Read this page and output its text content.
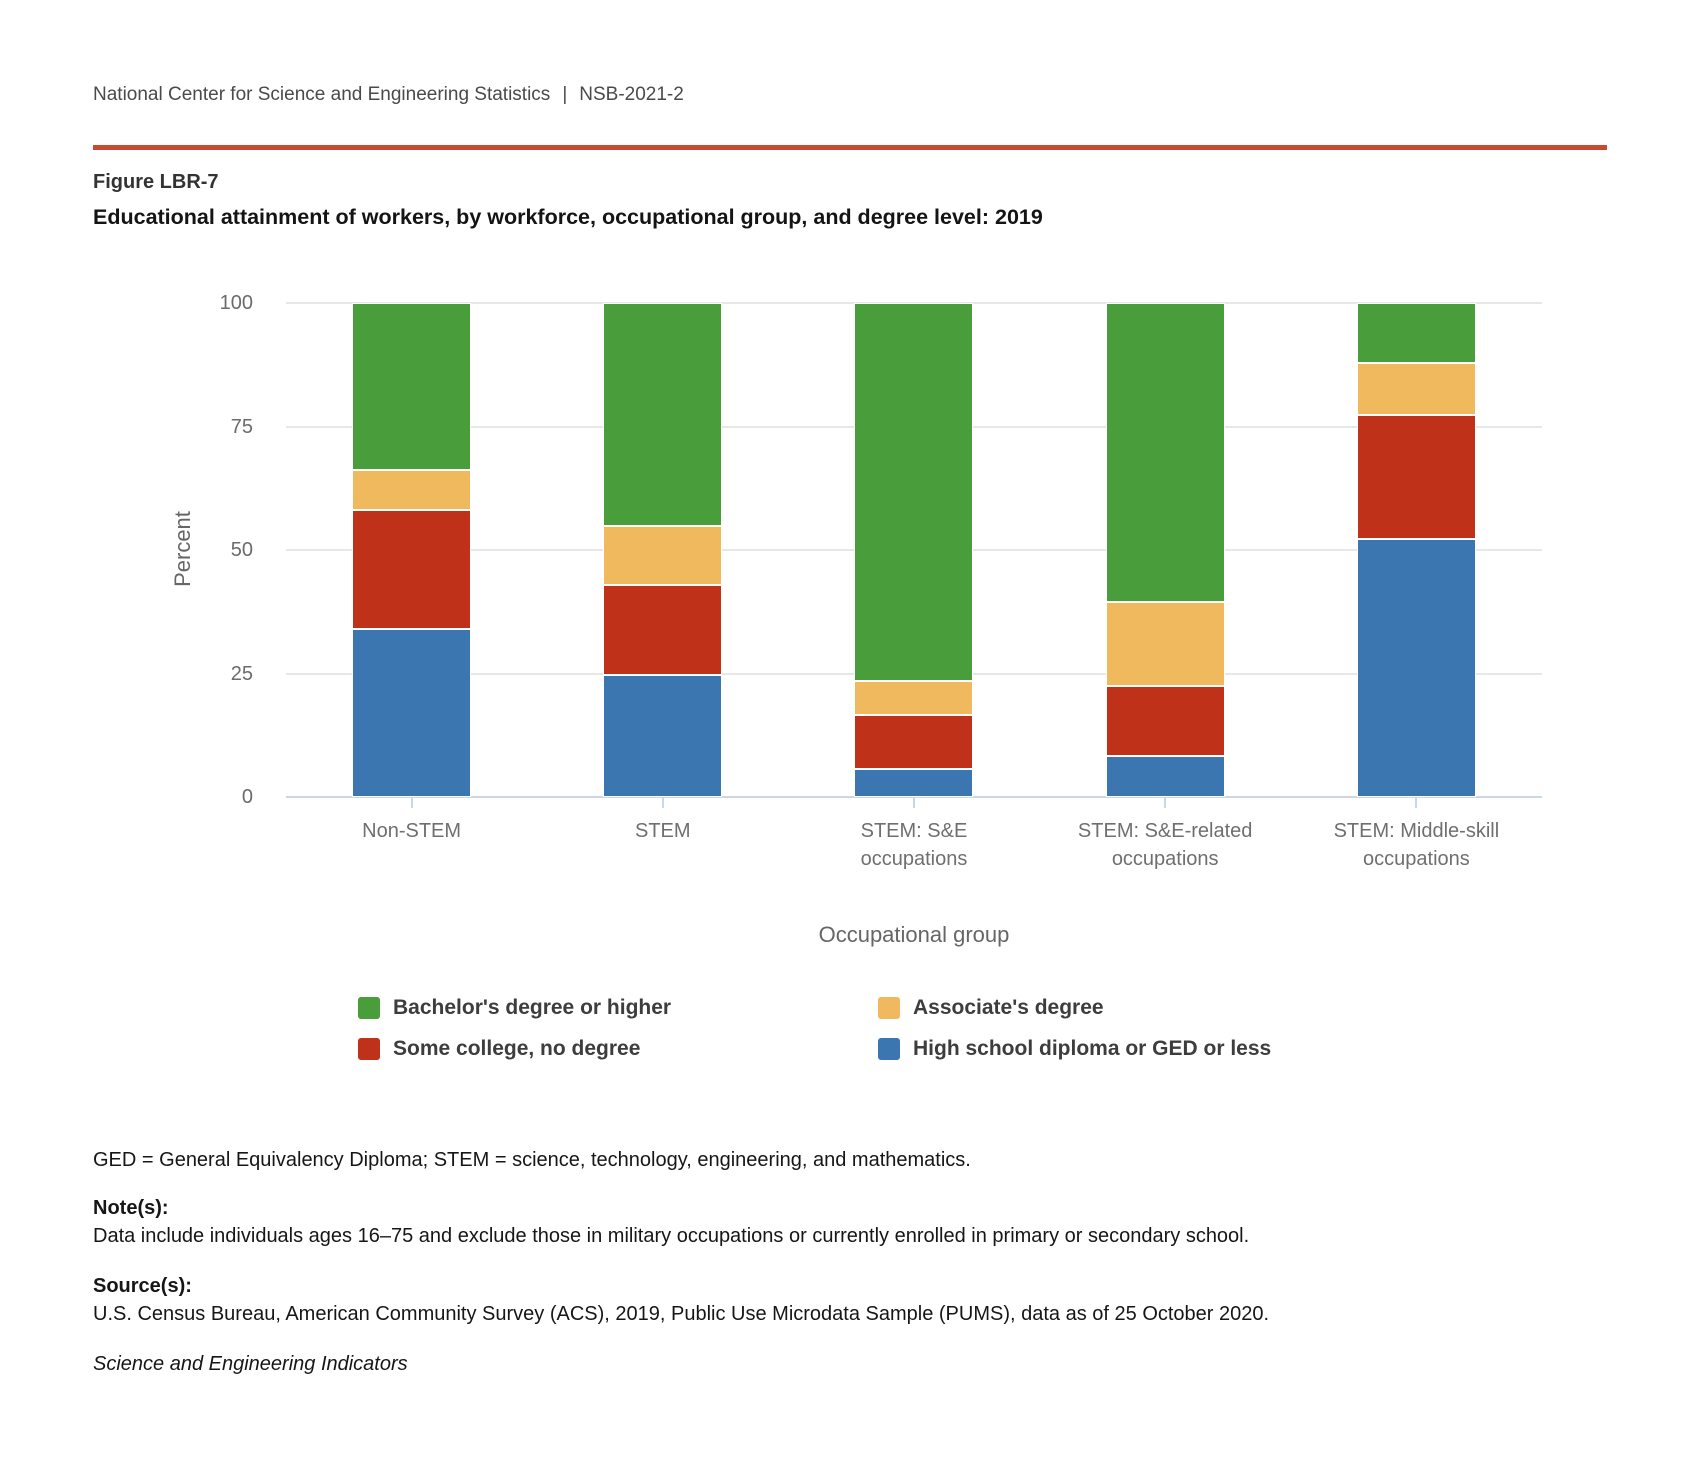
National Center for Science and Engineering Statistics | NSB-2021-2
Figure LBR-7
Educational attainment of workers, by workforce, occupational group, and degree level: 2019
Percent
0
25
50
75
100
Non-STEM	STEM	STEM: S&E
occupations
STEM: S&E-related
occupations
STEM: Middle-skill
occupations
Occupational group
Bachelor's degree or higher	Associate's degree
Some college, no degree	High school diploma or GED or less

GED = General Equivalency Diploma; STEM = science, technology, engineering, and mathematics.

Note(s):
Data include individuals ages 16–75 and exclude those in military occupations or currently enrolled in primary or secondary school.
Source(s):
U.S. Census Bureau, American Community Survey (ACS), 2019, Public Use Microdata Sample (PUMS), data as of 25 October 2020.
Science and Engineering Indicators
